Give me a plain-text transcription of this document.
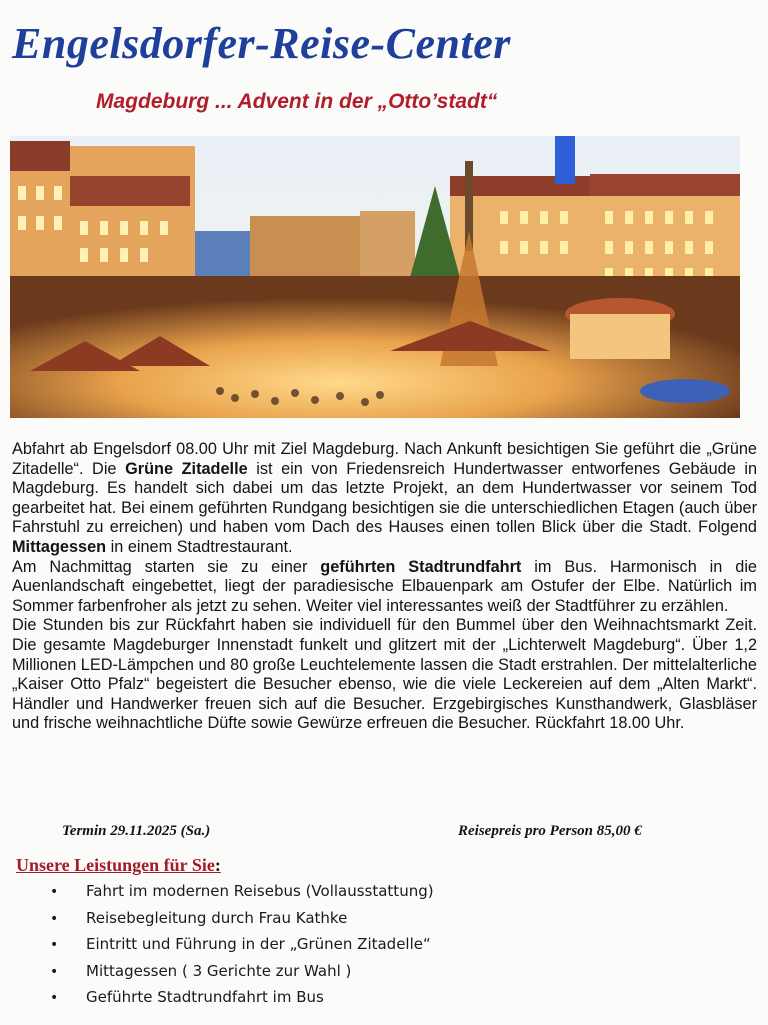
Engelsdorfer-Reise-Center
Magdeburg ... Advent in der „Otto’stadt“

Abfahrt ab Engelsdorf 08.00 Uhr mit Ziel Magdeburg. Nach Ankunft besichtigen Sie geführt die „Grüne Zitadelle“. Die Grüne Zitadelle ist ein von Friedensreich Hundertwasser entworfenes Gebäude in Magdeburg. Es handelt sich dabei um das letzte Projekt, an dem Hundertwasser vor seinem Tod gearbeitet hat. Bei einem geführten Rundgang besichtigen sie die unterschiedlichen Etagen (auch über Fahrstuhl zu erreichen) und haben vom Dach des Hauses einen tollen Blick über die Stadt. Folgend Mittagessen in einem Stadtrestaurant.

Am Nachmittag starten sie zu einer geführten Stadtrundfahrt im Bus. Harmonisch in die Auenlandschaft eingebettet, liegt der paradiesische Elbauenpark am Ostufer der Elbe. Natürlich im Sommer farbenfroher als jetzt zu sehen. Weiter viel interessantes weiß der Stadtführer zu erzählen.

Die Stunden bis zur Rückfahrt haben sie individuell für den Bummel über den Weihnachtsmarkt Zeit. Die gesamte Magdeburger Innenstadt funkelt und glitzert mit der „Lichterwelt Magdeburg“. Über 1,2 Millionen LED-Lämpchen und 80 große Leuchtelemente lassen die Stadt erstrahlen. Der mittelalterliche „Kaiser Otto Pfalz“ begeistert die Besucher ebenso, wie die viele Leckereien auf dem „Alten Markt“. Händler und Handwerker freuen sich auf die Besucher. Erzgebirgisches Kunsthandwerk, Glasbläser und frische weihnachtliche Düfte sowie Gewürze erfreuen die Besucher. Rückfahrt 18.00 Uhr.

Termin 29.11.2025 (Sa.)	Reisepreis pro Person 85,00 €
Unsere Leistungen für Sie:
• Fahrt im modernen Reisebus (Vollausstattung)
• Reisebegleitung durch Frau Kathke
• Eintritt und Führung in der „Grünen Zitadelle“
• Mittagessen ( 3 Gerichte zur Wahl )
• Geführte Stadtrundfahrt im Bus
